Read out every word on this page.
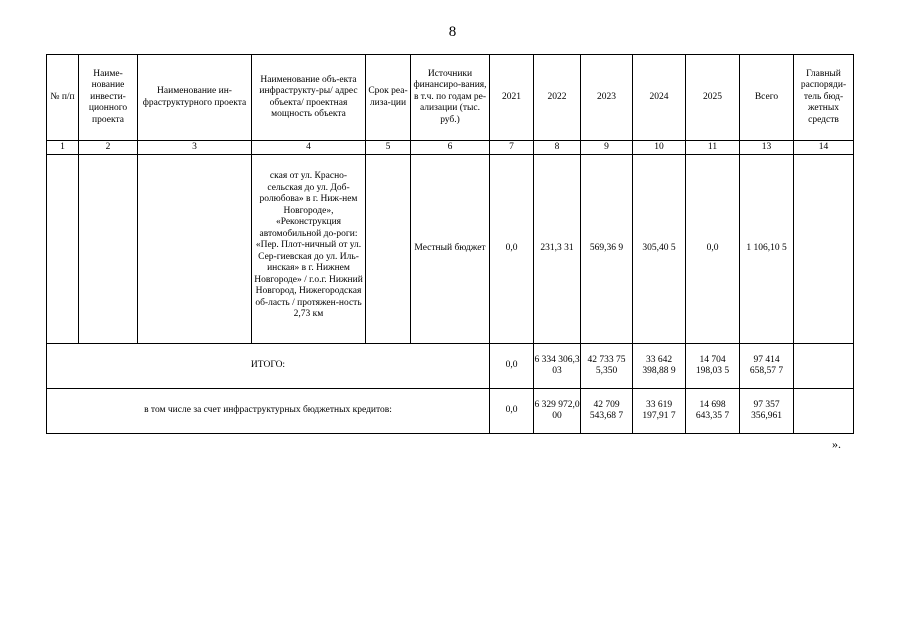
8
№ п/п	Наиме-нование инвести-ционного проекта	Наименование ин-фраструктурного проекта	Наименование объ-екта инфраструкту-ры/ адрес объекта/ проектная мощность объекта	Срок реа-лиза-ции	Источники финансиро-вания, в т.ч. по годам ре-ализации (тыс. руб.)	2021	2022	2023	2024	2025	Всего	Главный распоряди-тель бюд-жетных средств
1	2	3	4	5	6	7	8	9	10	11	13	14

			ская от ул. Красно-сельская до ул. Доб-ролюбова» в г. Ниж-нем Новгороде», «Реконструкция автомобильной до-роги: «Пер. Плот-ничный от ул. Сер-гиевская до ул. Иль-инская» в г. Нижнем Новгороде» / г.о.г. Нижний Новгород, Нижегородская об-ласть / протяжен-ность 2,73 км		Местный бюджет	0,0	231,3 31	569,36 9	305,40 5	0,0	1 106,10 5	
ИТОГО:						0,0	6 334 306,3 03	42 733 75 5,350	33 642 398,88 9	14 704 198,03 5	97 414 658,57 7	
в том числе за счет инфраструктурных бюджетных кредитов:						0,0	6 329 972,0 00	42 709 543,68 7	33 619 197,91 7	14 698 643,35 7	97 357 356,961	
».
